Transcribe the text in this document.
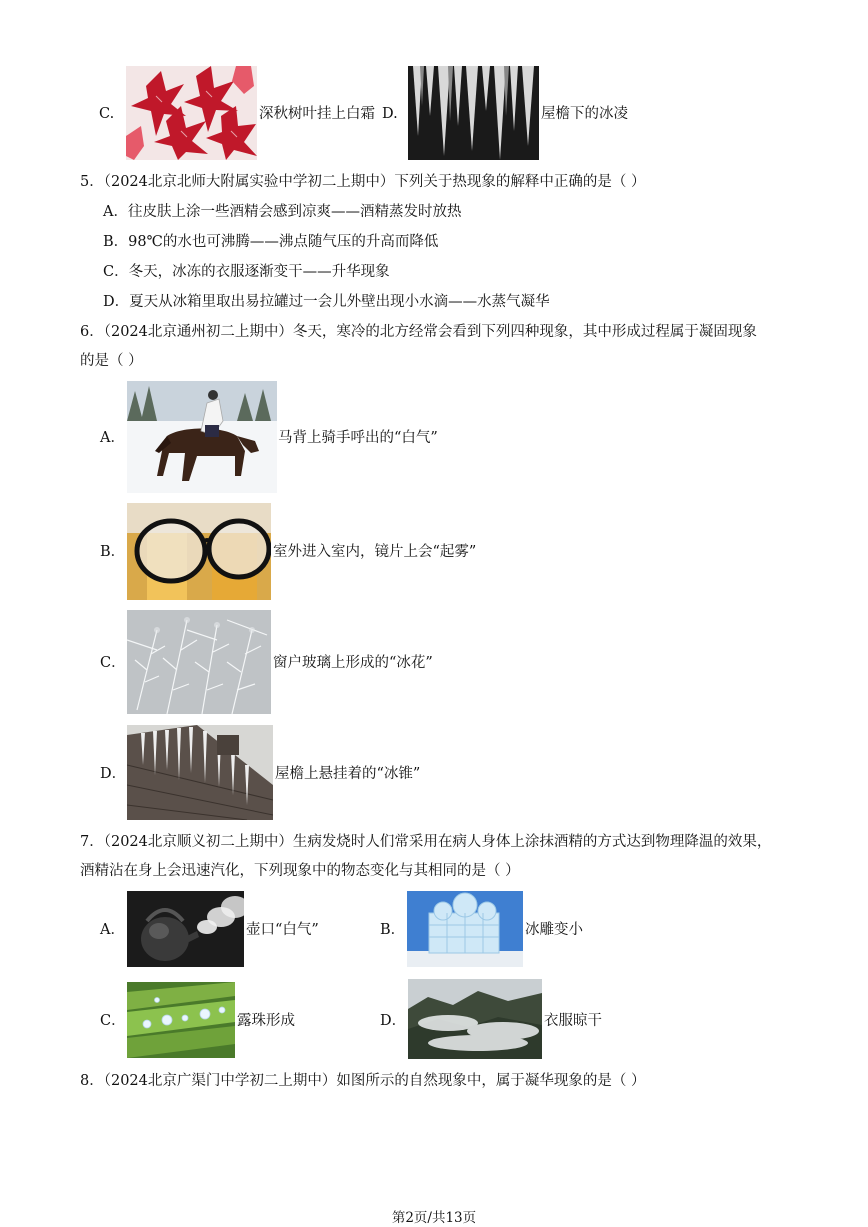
C.	深秋树叶挂上白霜 D.	屋檐下的冰凌
5．（2024北京北师大附属实验中学初二上期中）下列关于热现象的解释中正确的是（ ）
A．往皮肤上涂一些酒精会感到凉爽——酒精蒸发时放热
B．98℃的水也可沸腾——沸点随气压的升高而降低
C．冬天，冰冻的衣服逐渐变干——升华现象
D．夏天从冰箱里取出易拉罐过一会儿外壁出现小水滴——水蒸气凝华
6．（2024北京通州初二上期中）冬天，寒冷的北方经常会看到下列四种现象，其中形成过程属于凝固现象
的是（ ）
A．	马背上骑手呼出的“白气”
B．	室外进入室内，镜片上会“起雾”
C．	窗户玻璃上形成的“冰花”
D．	屋檐上悬挂着的“冰锥”
7．（2024北京顺义初二上期中）生病发烧时人们常采用在病人身体上涂抹酒精的方式达到物理降温的效果，
酒精沾在身上会迅速汽化，下列现象中的物态变化与其相同的是（ ）
A．	壶口“白气”	B．	冰雕变小
C．	露珠形成	D．	衣服晾干
8．（2024北京广渠门中学初二上期中）如图所示的自然现象中，属于凝华现象的是（ ）
第2页/共13页
